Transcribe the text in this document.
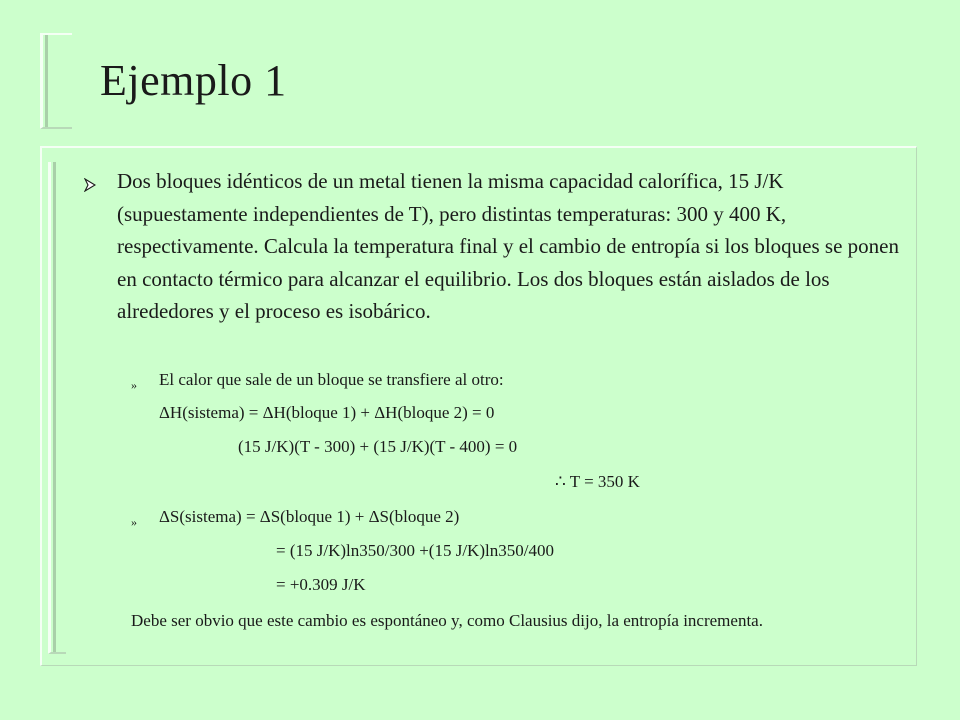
Ejemplo 1
Dos bloques idénticos de un metal tienen la misma capacidad calorífica, 15 J/K (supuestamente independientes de T), pero distintas temperaturas: 300 y 400 K, respectivamente. Calcula la temperatura final y el cambio de entropía si los bloques se ponen en contacto térmico para alcanzar el equilibrio. Los dos bloques están aislados de los alrededores y el proceso es isobárico.
» El calor que sale de un bloque se transfiere al otro:
ΔH(sistema) = ΔH(bloque 1) + ΔH(bloque 2) = 0
(15 J/K)(T - 300) + (15 J/K)(T - 400) = 0
∴ T = 350 K
» ΔS(sistema) = ΔS(bloque 1) + ΔS(bloque 2)
= (15 J/K)ln350/300 +(15 J/K)ln350/400
= +0.309 J/K
Debe ser obvio que este cambio es espontáneo y, como Clausius dijo, la entropía incrementa.
